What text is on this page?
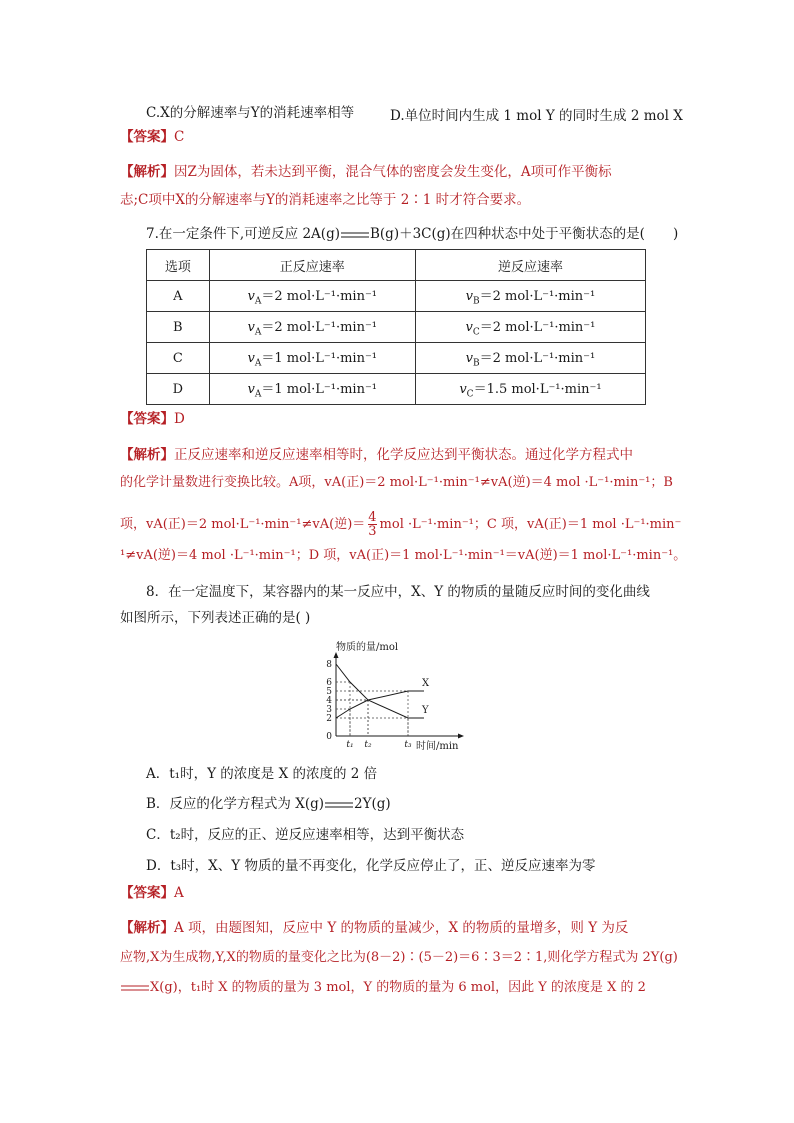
C.X的分解速率与Y的消耗速率相等	D.单位时间内生成 1 mol Y 的同时生成 2 mol X
【答案】C
【解析】因Z为固体，若未达到平衡，混合气体的密度会发生变化，A项可作平衡标
志;C项中X的分解速率与Y的消耗速率之比等于 2∶1 时才符合要求。
7.在一定条件下,可逆反应 2A(g) B(g)＋3C(g)在四种状态中处于平衡状态的是( )
选项	正反应速率	逆反应速率
A	$v_A=2$ mol·L⁻¹·min⁻¹	$v_B=2$ mol·L⁻¹·min⁻¹
B	$v_A=2$ mol·L⁻¹·min⁻¹	$v_C=2$ mol·L⁻¹·min⁻¹
C	$v_A=1$ mol·L⁻¹·min⁻¹	$v_B=2$ mol·L⁻¹·min⁻¹
D	$v_A=1$ mol·L⁻¹·min⁻¹	$v_C=1.5$ mol·L⁻¹·min⁻¹
【答案】D
【解析】正反应速率和逆反应速率相等时，化学反应达到平衡状态。通过化学方程式中
的化学计量数进行变换比较。A项，vA(正)＝2 mol·L⁻¹·min⁻¹≠vA(逆)＝4 mol ·L⁻¹·min⁻¹；B
项，vA(正)＝2 mol·L⁻¹·min⁻¹≠vA(逆)＝ $\frac{4}{3}$ mol ·L⁻¹·min⁻¹；C 项，vA(正)＝1 mol ·L⁻¹·min⁻
¹≠vA(逆)＝4 mol ·L⁻¹·min⁻¹；D 项，vA(正)＝1 mol·L⁻¹·min⁻¹＝vA(逆)＝1 mol·L⁻¹·min⁻¹。
8．在一定温度下，某容器内的某一反应中，X、Y 的物质的量随反应时间的变化曲线
如图所示，下列表述正确的是( )
物质的量/mol
时间/min
8
6
5
4
3
2
0
t₁ t₂	t₃
X
Y
A．t₁时，Y 的浓度是 X 的浓度的 2 倍
B．反应的化学方程式为 X(g) 2Y(g)
C．t₂时，反应的正、逆反应速率相等，达到平衡状态
D．t₃时，X、Y 物质的量不再变化，化学反应停止了，正、逆反应速率为零
【答案】A
【解析】A 项，由题图知，反应中 Y 的物质的量减少，X 的物质的量增多，则 Y 为反
应物,X为生成物,Y,X的物质的量变化之比为(8－2)∶(5－2)＝6∶3＝2∶1,则化学方程式为 2Y(g)
X(g)，t₁时 X 的物质的量为 3 mol，Y 的物质的量为 6 mol，因此 Y 的浓度是 X 的 2
